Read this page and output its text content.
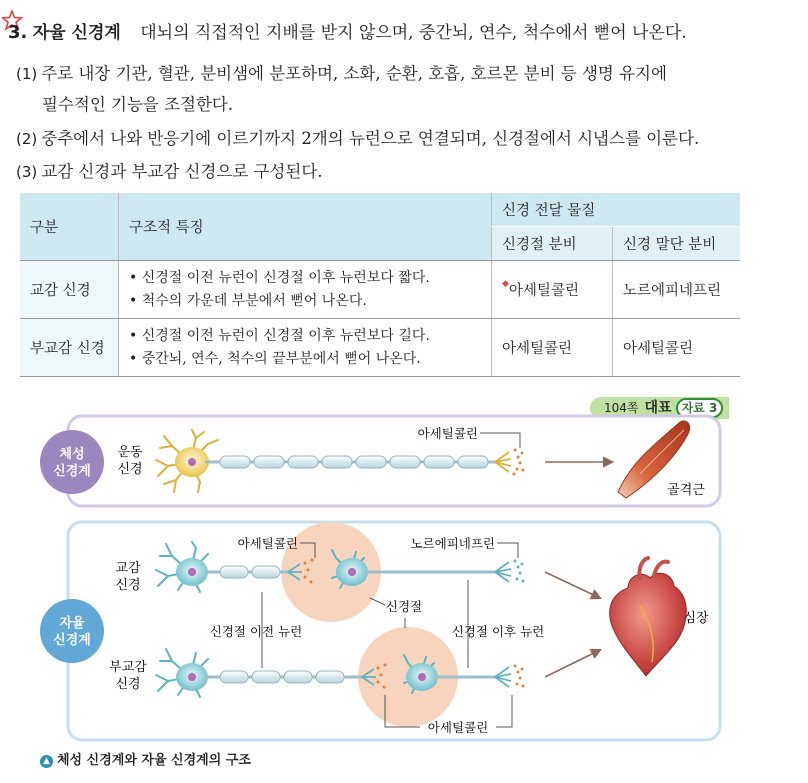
3. 자율 신경계 대뇌의 직접적인 지배를 받지 않으며, 중간뇌, 연수, 척수에서 뻗어 나온다.
(1) 주로 내장 기관, 혈관, 분비샘에 분포하며, 소화, 순환, 호흡, 호르몬 분비 등 생명 유지에
필수적인 기능을 조절한다.
(2) 중추에서 나와 반응기에 이르기까지 2개의 뉴런으로 연결되며, 신경절에서 시냅스를 이룬다.
(3) 교감 신경과 부교감 신경으로 구성된다.
구분	구조적 특징	신경 전달 물질	
		신경절 분비	신경 말단 분비
교감 신경	• 신경절 이전 뉴런이 신경절 이후 뉴런보다 짧다.
• 척수의 가운데 부분에서 뻗어 나온다.	◆아세틸콜린	노르에피네프린
부교감 신경	• 신경절 이전 뉴런이 신경절 이후 뉴런보다 길다.
• 중간뇌, 연수, 척수의 끝부분에서 뻗어 나온다.	아세틸콜린	아세틸콜린
104쪽 대표 자료 3
체성
신경계
자율
신경계
운동
신경
교감
신경
부교감
신경
아세틸콜린
골격근
아세틸콜린	노르에피네프린
신경절 이전 뉴런	신경절 이후 뉴런
신경절
아세틸콜린
심장
▲ 체성 신경계와 자율 신경계의 구조
